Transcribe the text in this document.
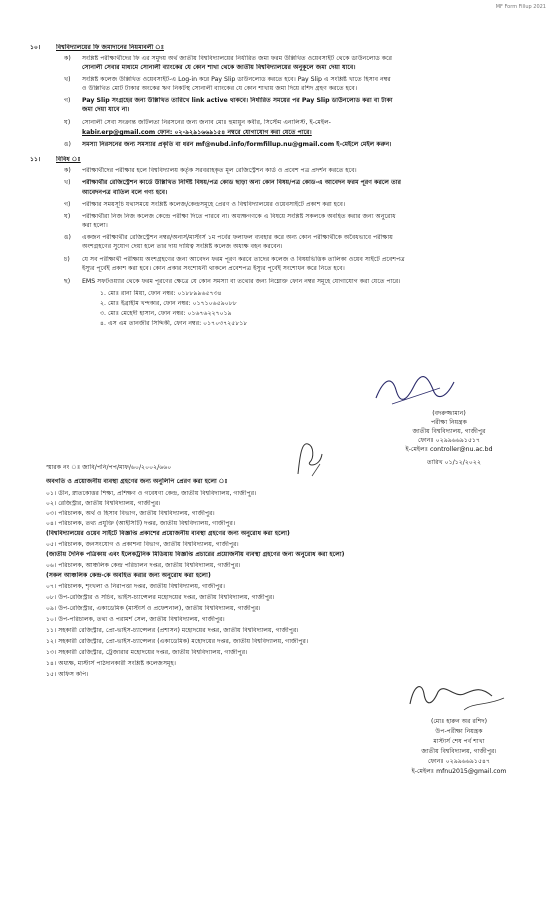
MF Form Fillup 2021
১০।	বিশ্ববিদ্যালয়ের ফি জমাদানের নিয়মাবলী ঃ
ক) সংশ্লিষ্ট পরীক্ষার্থীদের ফি এর সমুদয় অর্থ জাতীয় বিশ্ববিদ্যালয়ের নির্ধারিত জমা ফরম উল্লিখিত ওয়েবসাইট থেকে ডাউনলোড করে
সোনালী সেবার মাধ্যমে সোনালী ব্যাংকের যে কোন শাখা থেকে জাতীয় বিশ্ববিদ্যালয়ের অনুকূলে জমা দেয়া যাবে।
খ) সংশ্লিষ্ট কলেজ উল্লিখিত ওয়েবসাইট-এ Log-in করে Pay Slip ডাউনলোড করতে হবে। Pay Slip এ সংশ্লিষ্ট খাতে হিসাব নম্বর
ও উল্লিখিত মোট টাকার অংকের ঋণ নিকটস্থ সোনালী ব্যাংকের যে কোন শাখায় জমা দিয়ে রশিদ গ্রহণ করতে হবে।
গ) Pay Slip সংগ্রহের জন্য উল্লিখিত তারিখে link active থাকবে। নির্ধারিত সময়ের পর Pay Slip ডাউনলোড করা বা টাকা
জমা দেয়া যাবে না।
ঘ) সোনালী সেবা সংক্রান্ত জটিলতা নিরসনের জন্য জনাব মোঃ হুমায়ুন কবীর, সিস্টেম এনালিস্ট, ই-মেইল-
kabir.erp@gmail.com ফোন: ০২-৯২৯১৬৬৯১৫৪ নম্বরে যোগাযোগ করা যেতে পারে।
ঙ) সমস্যা নিরসনের জন্য সমস্যার প্রকৃতি বা ধরন mf@nubd.info/formfillup.nu@gmail.com ই-মেইলে মেইল করুন।
১১।	বিবিধ ঃ
ক) পরীক্ষার্থীদের পরীক্ষার হলে বিশ্ববিদ্যালয় কর্তৃক সরবরাহকৃত মূল রেজিস্ট্রেশন কার্ড ও প্রবেশ পত্র প্রদর্শন করতে হবে।
খ) পরীক্ষার্থীর রেজিস্ট্রেশন কার্ডে উল্লিখিত নির্দিষ্ট বিষয়/পত্র কোড ছাড়া অন্য কোন বিষয়/পত্র কোড-এ আবেদন ফরম পূরণ করলে তার
আবেদনপত্র বাতিল বলে গণ্য হবে।
গ) পরীক্ষার সময়সূচি যথাসময়ে সংশ্লিষ্ট কলেজ/কেন্দ্রসমূহে প্রেরণ ও বিশ্ববিদ্যালয়ের ওয়েবসাইটে প্রকাশ করা হবে।
ঘ) পরীক্ষার্থীরা নিজ নিজ কলেজ কেন্দ্রে পরীক্ষা দিতে পারবে না। অধ্যক্ষগণকে এ বিষয়ে সংশ্লিষ্ট সকলকে অবহিত করার জন্য অনুরোধ
করা হলো।
ঙ) একজন পরীক্ষার্থীর রেজিস্ট্রেশন নম্বর/অনার্স/মাস্টার্স ১ম পর্বের ফলাফল ব্যবহার করে অন্য কোন পরীক্ষার্থীকে অবৈধভাবে পরীক্ষায়
অংশগ্রহণের সুযোগ দেয়া হলে তার দায় দায়িত্ব সংশ্লিষ্ট কলেজ অধ্যক্ষ বহন করবেন।
চ) যে সব পরীক্ষার্থী পরীক্ষায় অংশগ্রহণের জন্য আবেদন ফরম পূরণ করবে তাদের কলেজ ও বিষয়ভিত্তিক তালিকা ওয়েব সাইটে প্রবেশপত্র
ইস্যুর পূর্বেই প্রকাশ করা হবে। কোন প্রকার সংশোধনী থাকলে প্রবেশপত্র ইস্যুর পূর্বেই সংশোধন করে নিতে হবে।
ছ) EMS সফটওয়্যার থেকে ফরম পূরণের ক্ষেত্রে যে কোন সমস্যা বা তথ্যের জন্য নিম্নোক্ত ফোন নম্বর সমূহে যোগাযোগ করা যেতে পারে।
১. মোঃ রানা মিয়া, ফোন নম্বর: ০১৮৮৯৯৬৫৭৩৪
২. মোঃ ইব্রাহীম খন্দকার, ফোন নম্বর: ০১৭১০৬৫৯০৮৮
৩. মোঃ মেহেদী হাসান, ফোন নম্বর: ০১৬৭৬২২৭০১৯
৪. এস এম তানজীর সিদ্দিকী, ফোন নম্বর: ০১৭০৩৭২৫৮১৮
(বদরুজ্জামান)
পরীক্ষা নিয়ন্ত্রক
জাতীয় বিশ্ববিদ্যালয়, গাজীপুর
ফোনঃ ০২৯৯৬৬৯১৫১৭
ই-মেইলঃ controller@nu.ac.bd
তারিখ ০১/১২/২০২২
স্মারক নং ঃ জাবি/পনি/পপ/মাফ/৬০/২০০২/৬৬০
অবগতি ও প্রয়োজনীয় ব্যবস্থা গ্রহণের জন্য অনুলিপি প্রেরণ করা হলো ঃ
০১। ডীন, স্নাতকোত্তর শিক্ষা, প্রশিক্ষণ ও গবেষণা কেন্দ্র, জাতীয় বিশ্ববিদ্যালয়, গাজীপুর।
০২। রেজিস্ট্রার, জাতীয় বিশ্ববিদ্যালয়, গাজীপুর।
০৩। পরিচালক, অর্থ ও হিসাব বিভাগ, জাতীয় বিশ্ববিদ্যালয়, গাজীপুর।
০৪। পরিচালক, তথ্য প্রযুক্তি (আইসিটি) দপ্তর, জাতীয় বিশ্ববিদ্যালয়, গাজীপুর।
(বিশ্ববিদ্যালয়ের ওয়েব সাইটে বিজ্ঞপ্তি প্রকাশের প্রয়োজনীয় ব্যবস্থা গ্রহণের জন্য অনুরোধ করা হলো)
০৫। পরিচালক, জনসংযোগ ও প্রকাশনা বিভাগ, জাতীয় বিশ্ববিদ্যালয়, গাজীপুর।
(জাতীয় দৈনিক পত্রিকায় এবং ইলেকট্রনিক মিডিয়ায় বিজ্ঞপ্তি প্রচারের প্রয়োজনীয় ব্যবস্থা গ্রহণের জন্য অনুরোধ করা হলো)
০৬। পরিচালক, আঞ্চলিক কেন্দ্র পরিচালন দপ্তর, জাতীয় বিশ্ববিদ্যালয়, গাজীপুর।
(সকল আঞ্চলিক কেন্দ্র-কে অবহিত করার জন্য অনুরোধ করা হলো)
০৭। পরিচালক, শৃংখলা ও নিরাপত্তা দপ্তর, জাতীয় বিশ্ববিদ্যালয়, গাজীপুর।
০৮। উপ-রেজিস্ট্রার ও সচিব, ভাইস-চ্যান্সেলর মহোদয়ের দপ্তর, জাতীয় বিশ্ববিদ্যালয়, গাজীপুর।
০৯। উপ-রেজিস্ট্রার, একাডেমিক (মাস্টার্স ও প্রফেশনাল), জাতীয় বিশ্ববিদ্যালয়, গাজীপুর।
১০। উপ-পরিচালক, তথ্য ও পরামর্শ সেল, জাতীয় বিশ্ববিদ্যালয়, গাজীপুর।
১১। সহকারী রেজিস্ট্রার, প্রো-ভাইস-চ্যান্সেলর (প্রশাসন) মহোদয়ের দপ্তর, জাতীয় বিশ্ববিদ্যালয়, গাজীপুর।
১২। সহকারী রেজিস্ট্রার, প্রো-ভাইস-চ্যান্সেলর (একাডেমিক) মহোদয়ের দপ্তর, জাতীয় বিশ্ববিদ্যালয়, গাজীপুর।
১৩। সহকারী রেজিস্ট্রার, ট্রেজারার মহোদয়ের দপ্তর, জাতীয় বিশ্ববিদ্যালয়, গাজীপুর।
১৪। অধ্যক্ষ, মাস্টার্স পাঠদানকারী সংশ্লিষ্ট কলেজসমূহ।
১৫। অফিস কপি।
(মোঃ হারুন অর রশিদ)
উপ-পরীক্ষা নিয়ন্ত্রক
মাস্টার্স শেষ পর্ব শাখা
জাতীয় বিশ্ববিদ্যালয়, গাজীপুর।
ফোনঃ ০২৯৯৬৬৯১৫৪৭
ই-মেইলঃ mfnu2015@gmail.com
